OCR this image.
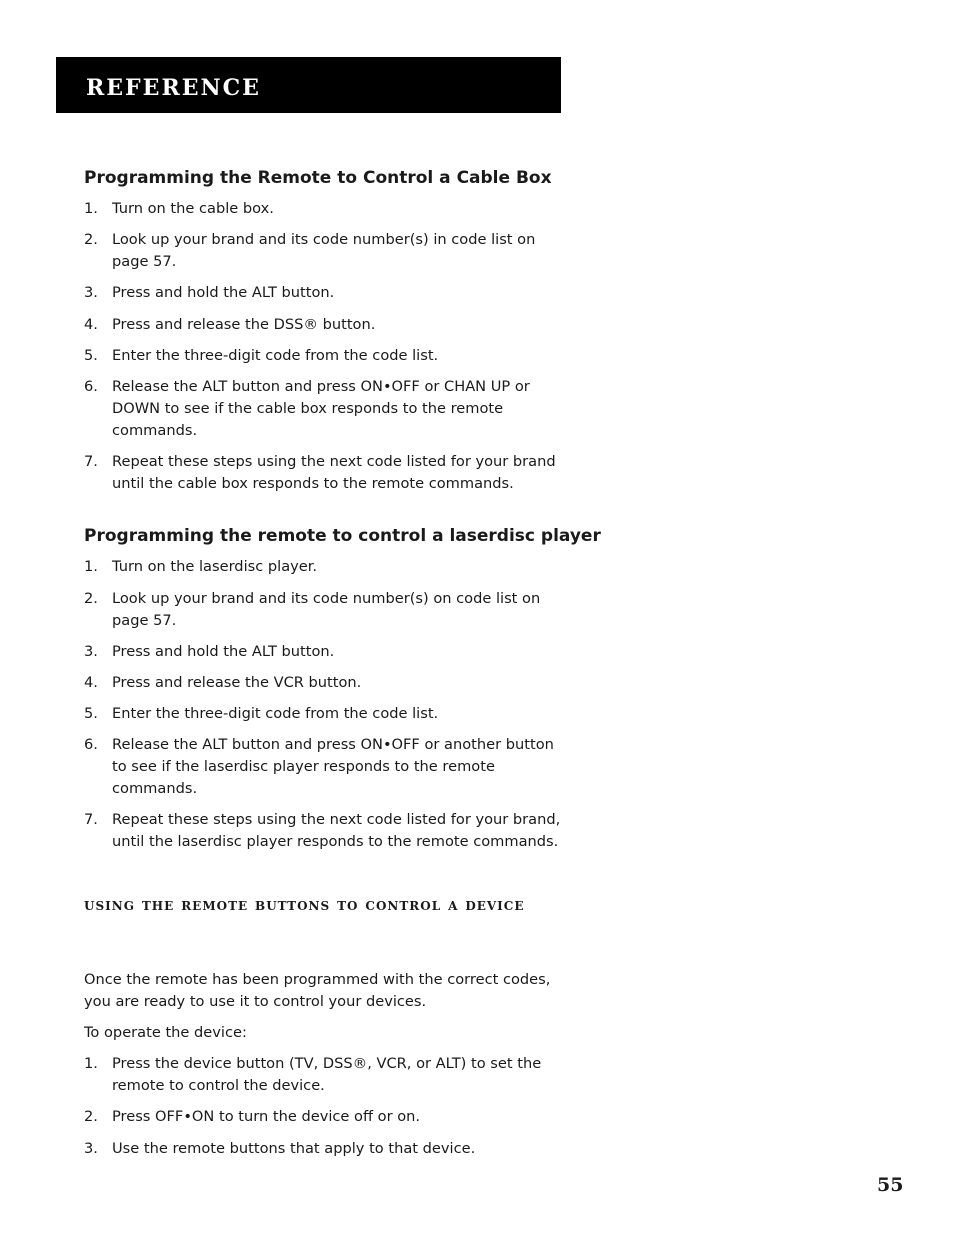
reference
Programming the Remote to Control a Cable Box
1. Turn on the cable box.
2. Look up your brand and its code number(s) in code list on page 57.
3. Press and hold the ALT button.
4. Press and release the DSS® button.
5. Enter the three-digit code from the code list.
6. Release the ALT button and press ON•OFF or CHAN UP or DOWN to see if the cable box responds to the remote commands.
7. Repeat these steps using the next code listed for your brand until the cable box responds to the remote commands.
Programming the remote to control a laserdisc player
1. Turn on the laserdisc player.
2. Look up your brand and its code number(s) on code list on page 57.
3. Press and hold the ALT button.
4. Press and release the VCR button.
5. Enter the three-digit code from the code list.
6. Release the ALT button and press ON•OFF or another button to see if the laserdisc player responds to the remote commands.
7. Repeat these steps using the next code listed for your brand, until the laserdisc player responds to the remote commands.
using the remote buttons to control a device
Once the remote has been programmed with the correct codes, you are ready to use it to control your devices.
To operate the device:
1. Press the device button (TV, DSS®, VCR, or ALT) to set the remote to control the device.
2. Press OFF•ON to turn the device off or on.
3. Use the remote buttons that apply to that device.
55
